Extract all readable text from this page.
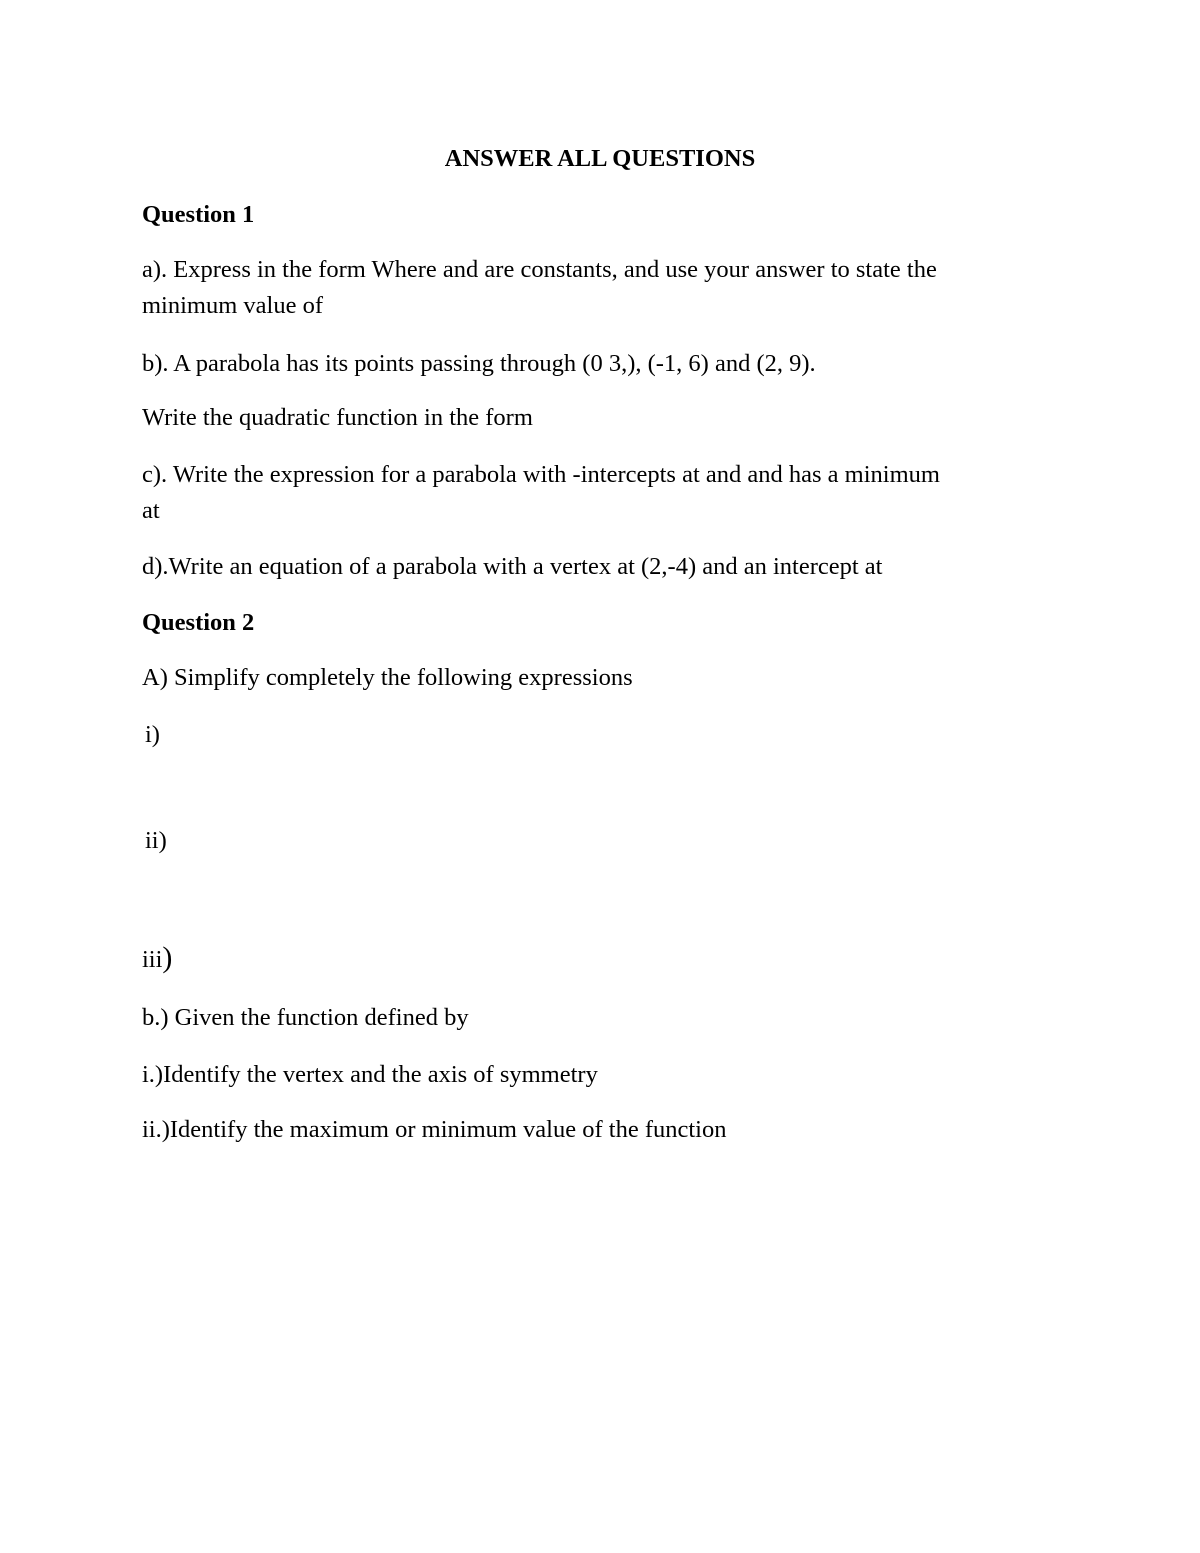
ANSWER ALL QUESTIONS
Question 1
a). Express in the form Where and are constants, and use your answer to state the
minimum value of
b). A parabola has its points passing through (0 3,), (-1, 6) and (2, 9).
Write the quadratic function in the form
c). Write the expression for a parabola with -intercepts at and and has a minimum
at
d).Write an equation of a parabola with a vertex at (2,-4) and an intercept at
Question 2
A) Simplify completely the following expressions
i)
ii)
iii)
b.) Given the function defined by
i.)Identify the vertex and the axis of symmetry
ii.)Identify the maximum or minimum value of the function
